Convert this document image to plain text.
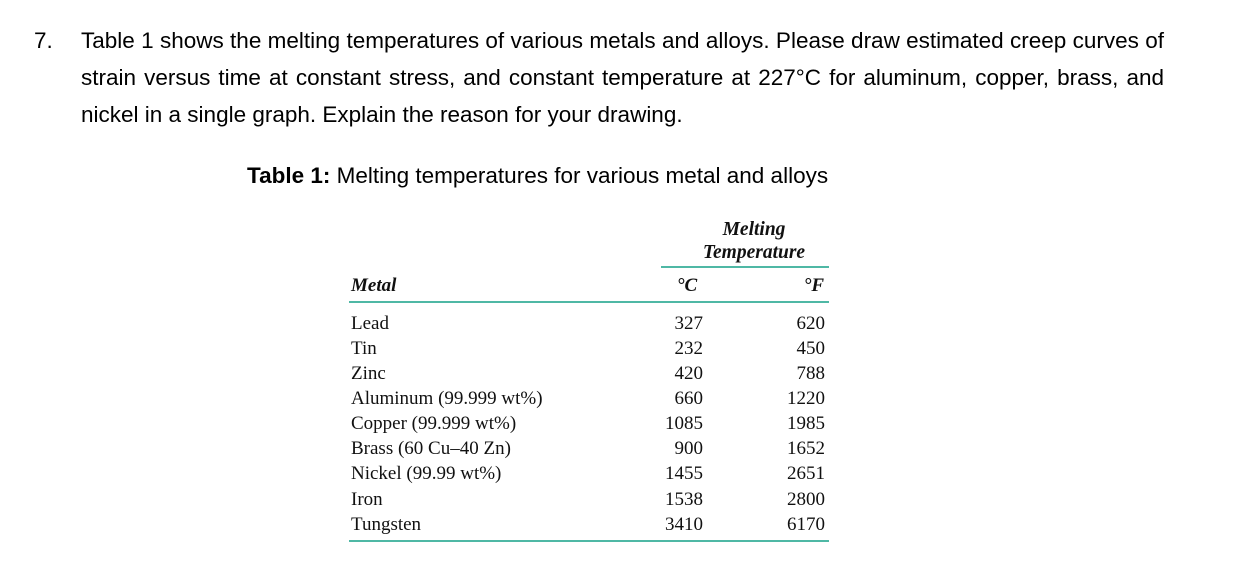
7. Table 1 shows the melting temperatures of various metals and alloys. Please draw estimated creep curves of strain versus time at constant stress, and constant temperature at 227°C for aluminum, copper, brass, and nickel in a single graph. Explain the reason for your drawing.
Table 1: Melting temperatures for various metal and alloys
Melting
Temperature
Metal	°C	°F
Lead	327	620
Tin	232	450
Zinc	420	788
Aluminum (99.999 wt%)	660	1220
Copper (99.999 wt%)	1085	1985
Brass (60 Cu–40 Zn)	900	1652
Nickel (99.99 wt%)	1455	2651
Iron	1538	2800
Tungsten	3410	6170
